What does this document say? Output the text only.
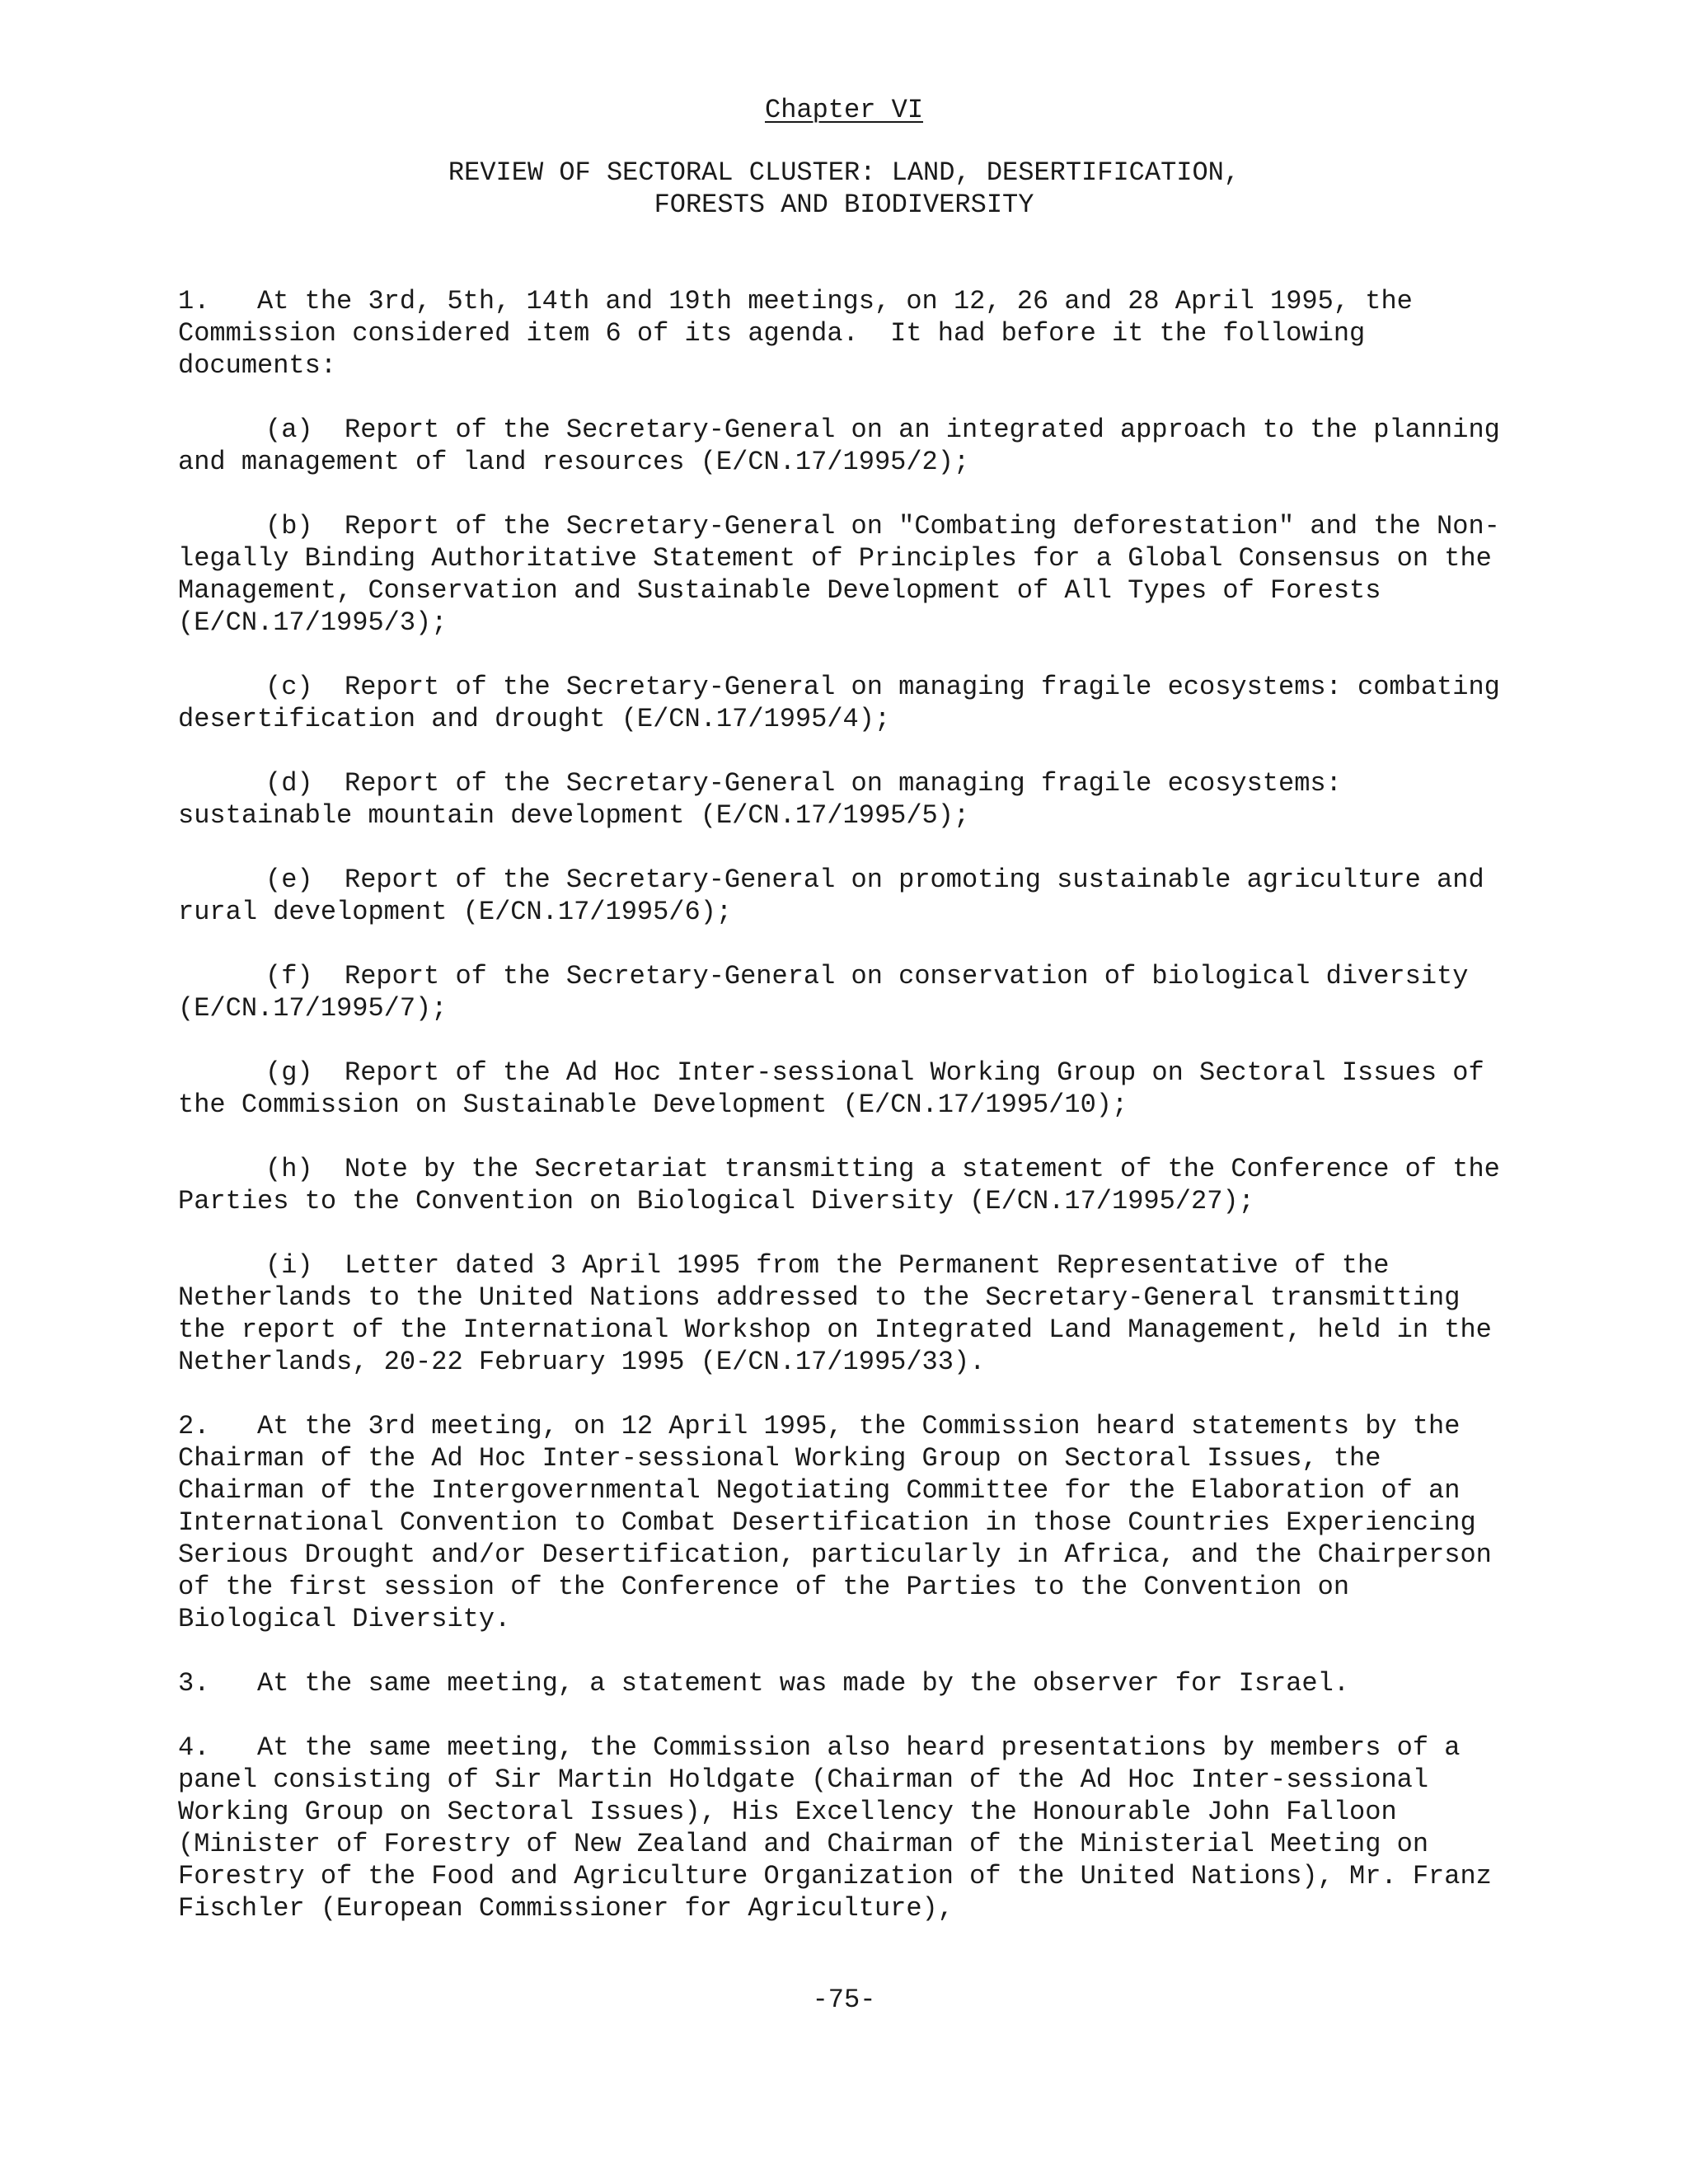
Chapter VI
REVIEW OF SECTORAL CLUSTER: LAND, DESERTIFICATION,
FORESTS AND BIODIVERSITY

1. At the 3rd, 5th, 14th and 19th meetings, on 12, 26 and 28 April 1995, the Commission considered item 6 of its agenda.  It had before it the following documents:

(a) Report of the Secretary-General on an integrated approach to the planning and management of land resources (E/CN.17/1995/2);

(b) Report of the Secretary-General on "Combating deforestation" and the Non-legally Binding Authoritative Statement of Principles for a Global Consensus on the Management, Conservation and Sustainable Development of All Types of Forests (E/CN.17/1995/3);

(c) Report of the Secretary-General on managing fragile ecosystems: combating desertification and drought (E/CN.17/1995/4);

(d) Report of the Secretary-General on managing fragile ecosystems: sustainable mountain development (E/CN.17/1995/5);

(e) Report of the Secretary-General on promoting sustainable agriculture and rural development (E/CN.17/1995/6);

(f) Report of the Secretary-General on conservation of biological diversity (E/CN.17/1995/7);

(g) Report of the Ad Hoc Inter-sessional Working Group on Sectoral Issues of the Commission on Sustainable Development (E/CN.17/1995/10);

(h) Note by the Secretariat transmitting a statement of the Conference of the Parties to the Convention on Biological Diversity (E/CN.17/1995/27);

(i) Letter dated 3 April 1995 from the Permanent Representative of the Netherlands to the United Nations addressed to the Secretary-General transmitting the report of the International Workshop on Integrated Land Management, held in the Netherlands, 20-22 February 1995 (E/CN.17/1995/33).

2. At the 3rd meeting, on 12 April 1995, the Commission heard statements by the Chairman of the Ad Hoc Inter-sessional Working Group on Sectoral Issues, the Chairman of the Intergovernmental Negotiating Committee for the Elaboration of an International Convention to Combat Desertification in those Countries Experiencing Serious Drought and/or Desertification, particularly in Africa, and the Chairperson of the first session of the Conference of the Parties to the Convention on Biological Diversity.

3. At the same meeting, a statement was made by the observer for Israel.

4. At the same meeting, the Commission also heard presentations by members of a panel consisting of Sir Martin Holdgate (Chairman of the Ad Hoc Inter-sessional Working Group on Sectoral Issues), His Excellency the Honourable John Falloon (Minister of Forestry of New Zealand and Chairman of the Ministerial Meeting on Forestry of the Food and Agriculture Organization of the United Nations), Mr. Franz Fischler (European Commissioner for Agriculture),

-75-
